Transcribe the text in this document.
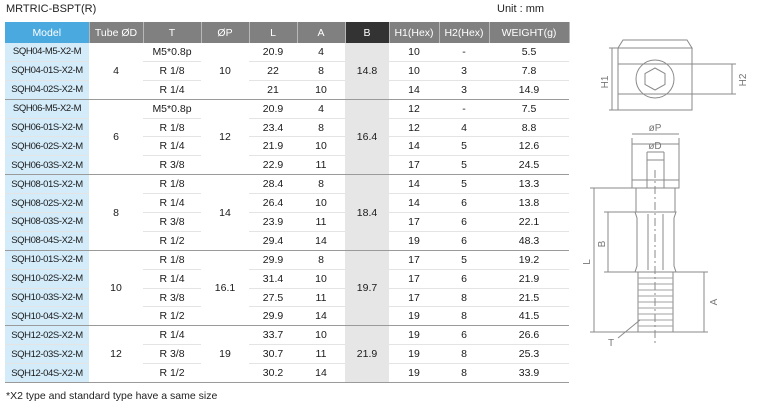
MRTRIC-BSPT(R)	Unit : mm
Model	Tube ØD	T	ØP	L	A	B	H1(Hex)	H2(Hex)	WEIGHT(g)
SQH04-M5-X2-M	4	M5*0.8p	10	20.9	4	14.8	10	-	5.5
SQH04-01S-X2-M		R 1/8		22	8		10	3	7.8
SQH04-02S-X2-M		R 1/4		21	10		14	3	14.9
SQH06-M5-X2-M	6	M5*0.8p	12	20.9	4	16.4	12	-	7.5
SQH06-01S-X2-M		R 1/8		23.4	8		12	4	8.8
SQH06-02S-X2-M		R 1/4		21.9	10		14	5	12.6
SQH06-03S-X2-M		R 3/8		22.9	11		17	5	24.5
SQH08-01S-X2-M	8	R 1/8	14	28.4	8	18.4	14	5	13.3
SQH08-02S-X2-M		R 1/4		26.4	10		14	6	13.8
SQH08-03S-X2-M		R 3/8		23.9	11		17	6	22.1
SQH08-04S-X2-M		R 1/2		29.4	14		19	6	48.3
SQH10-01S-X2-M	10	R 1/8	16.1	29.9	8	19.7	17	5	19.2
SQH10-02S-X2-M		R 1/4		31.4	10		17	6	21.9
SQH10-03S-X2-M		R 3/8		27.5	11		17	8	21.5
SQH10-04S-X2-M		R 1/2		29.9	14		19	8	41.5
SQH12-02S-X2-M	12	R 1/4	19	33.7	10	21.9	19	6	26.6
SQH12-03S-X2-M		R 3/8		30.7	11		19	8	25.3
SQH12-04S-X2-M		R 1/2		30.2	14		19	8	33.9
*X2 type and standard type have a same size
H1	H2
øP
øD
L
B
A
T
